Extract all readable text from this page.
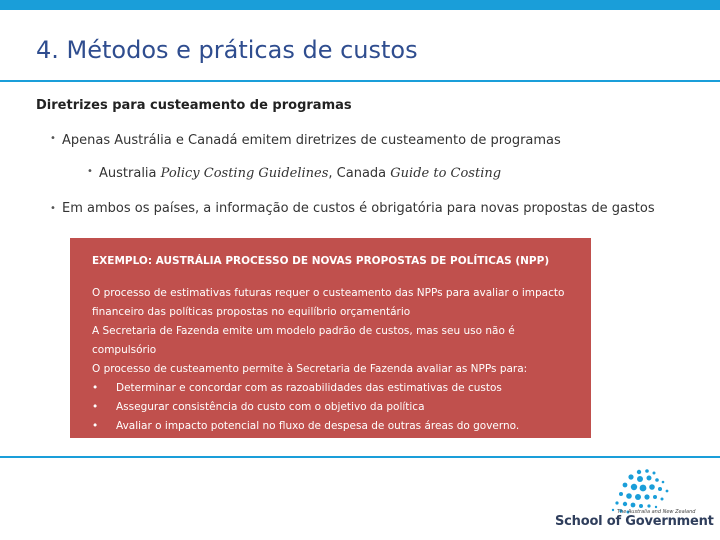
4. Métodos e práticas de custos
Diretrizes para custeamento de programas
• Apenas Austrália e Canadá emitem diretrizes de custeamento de programas
• Australia Policy Costing Guidelines, Canada Guide to Costing
• Em ambos os países, a informação de custos é obrigatória para novas propostas de gastos
EXEMPLO: AUSTRÁLIA PROCESSO DE NOVAS PROPOSTAS DE POLÍTICAS (NPP)

O processo de estimativas futuras requer o custeamento das NPPs para avaliar o impacto financeiro das políticas propostas no equilíbrio orçamentário

A Secretaria de Fazenda emite um modelo padrão de custos, mas seu uso não é compulsório

O processo de custeamento permite à Secretaria de Fazenda avaliar as NPPs para:

• Determinar e concordar com as razoabilidades das estimativas de custos
• Assegurar consistência do custo com o objetivo da política
• Avaliar o impacto potencial no fluxo de despesa de outras áreas do governo.
The Australia and New Zealand
School of Government
